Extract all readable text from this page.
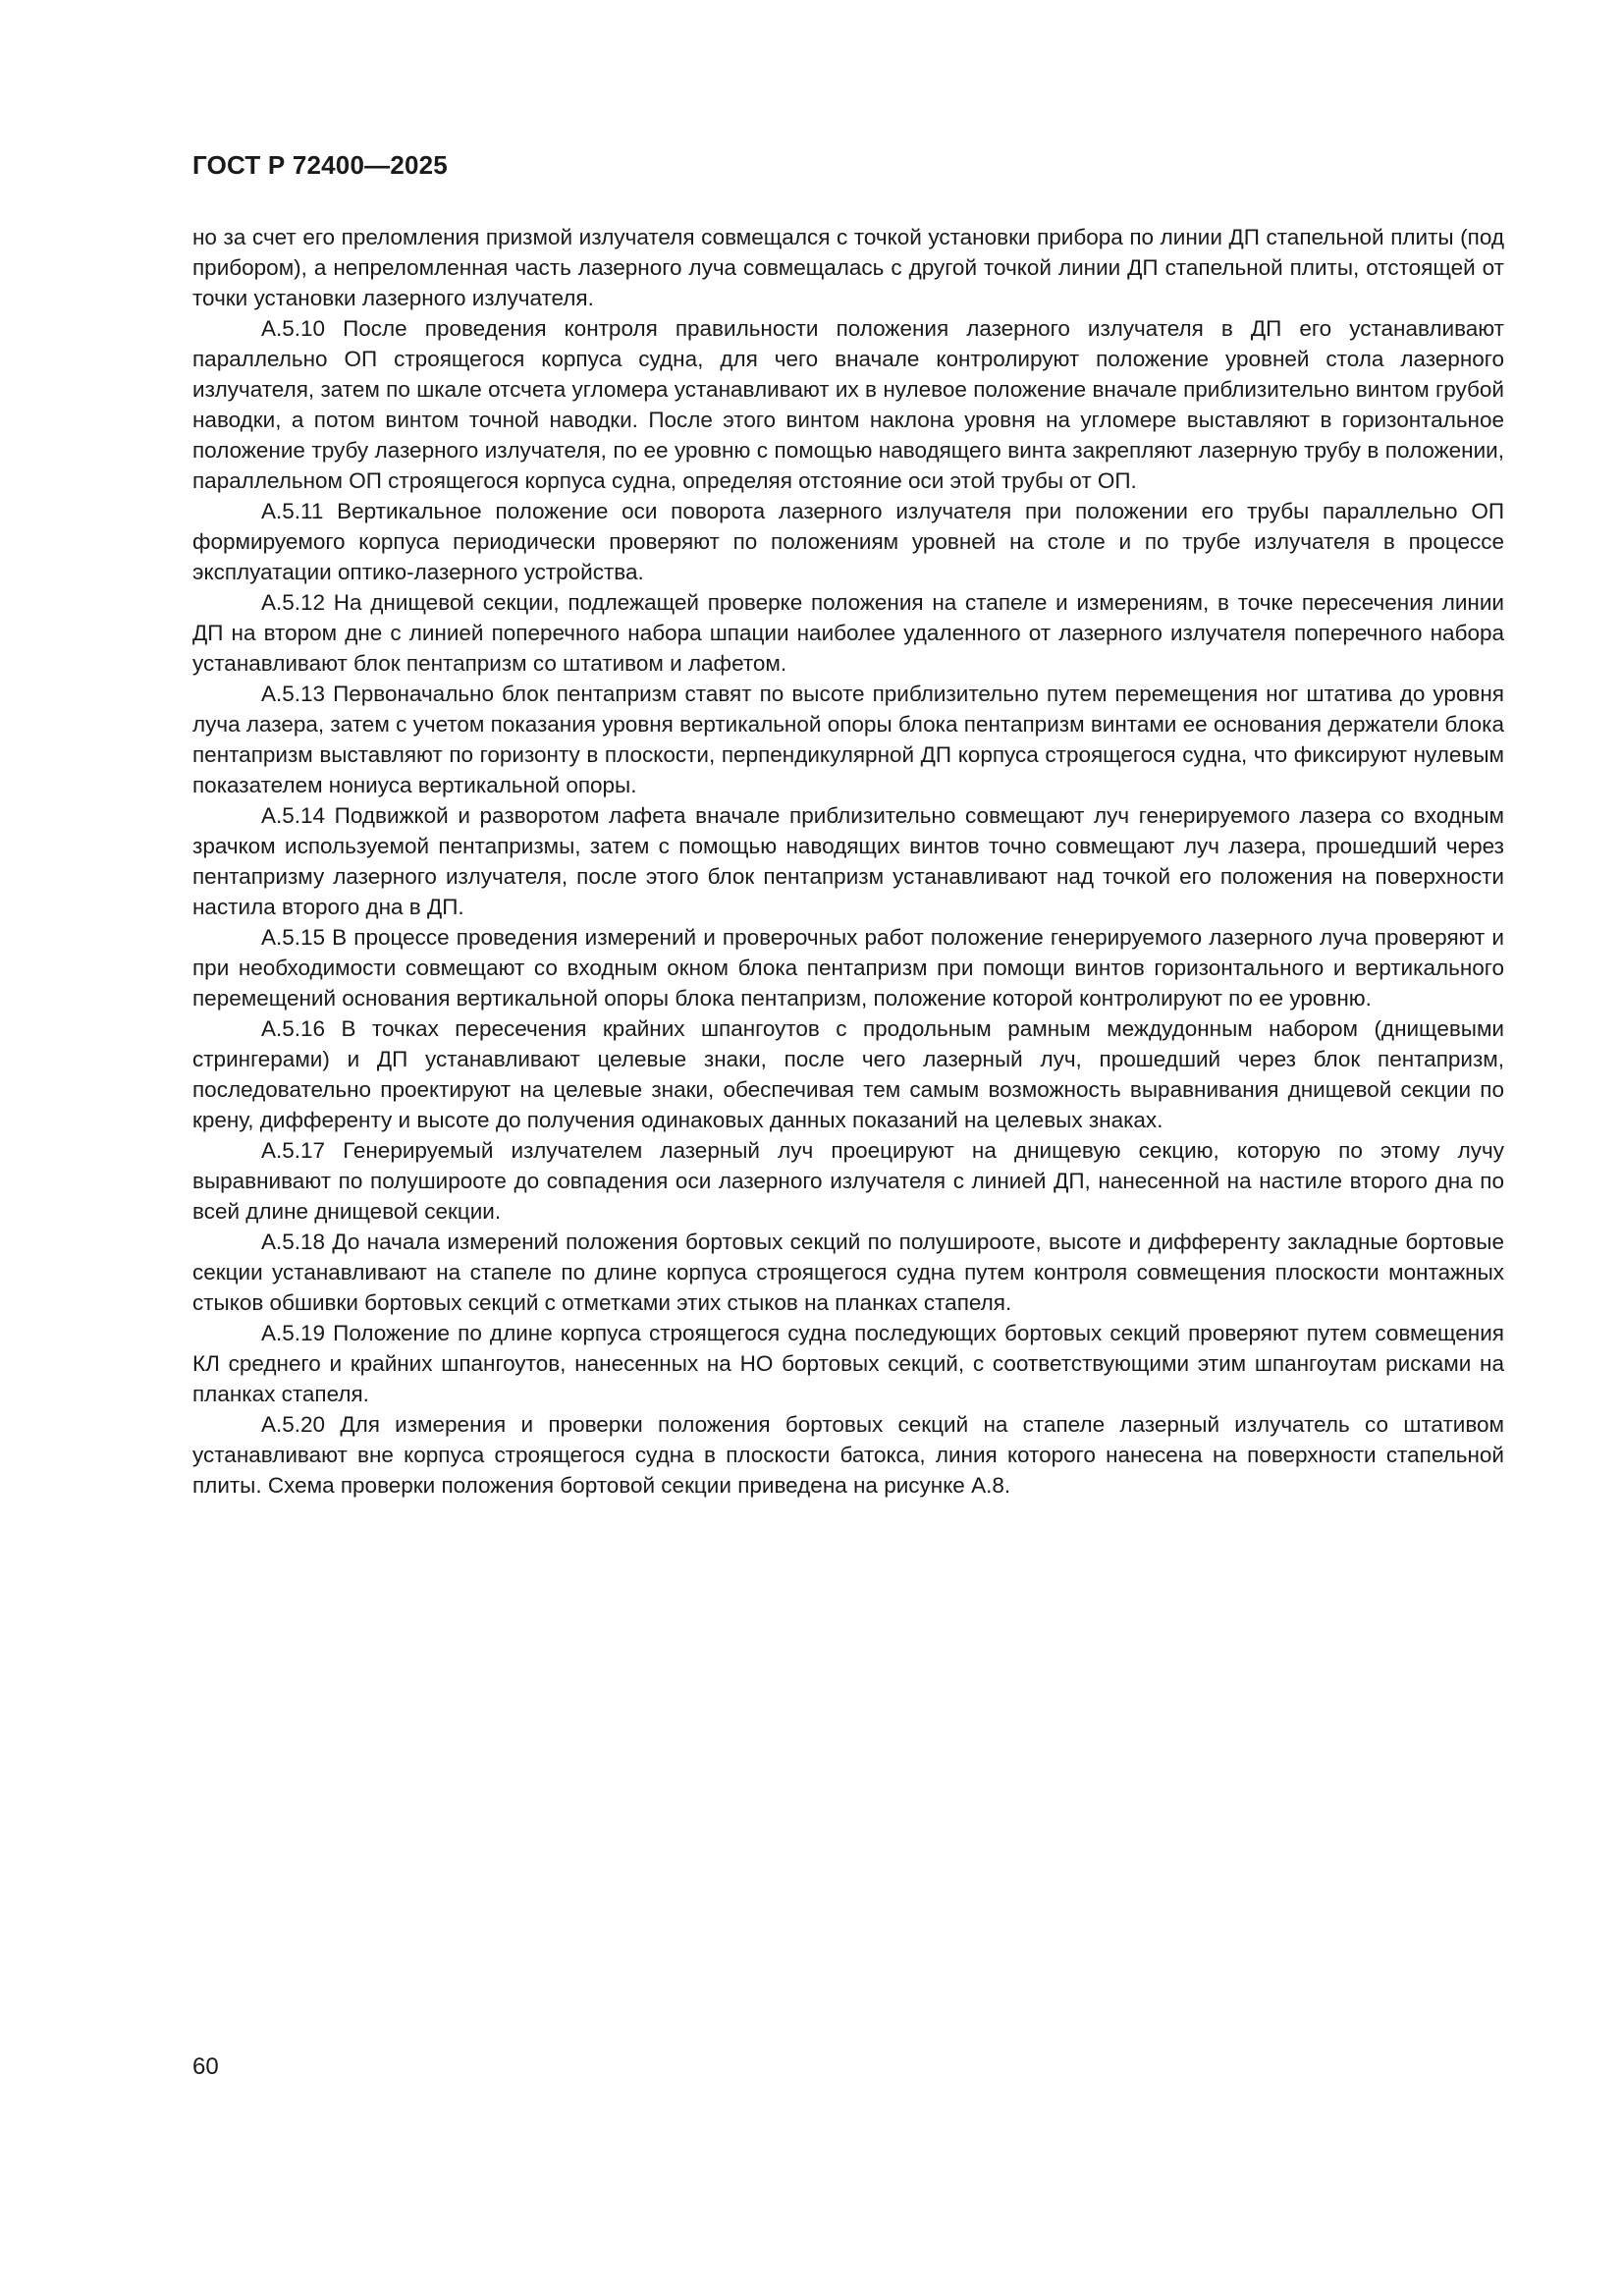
ГОСТ Р 72400—2025

но за счет его преломления призмой излучателя совмещался с точкой установки прибора по линии ДП стапельной плиты (под прибором), а непреломленная часть лазерного луча совмещалась с другой точкой линии ДП стапельной плиты, отстоящей от точки установки лазерного излучателя.

А.5.10 После проведения контроля правильности положения лазерного излучателя в ДП его устанавливают параллельно ОП строящегося корпуса судна, для чего вначале контролируют положение уровней стола лазерного излучателя, затем по шкале отсчета угломера устанавливают их в нулевое положение вначале приблизительно винтом грубой наводки, а потом винтом точной наводки. После этого винтом наклона уровня на угломере выставляют в горизонтальное положение трубу лазерного излучателя, по ее уровню с помощью наводящего винта закрепляют лазерную трубу в положении, параллельном ОП строящегося корпуса судна, определяя отстояние оси этой трубы от ОП.

А.5.11 Вертикальное положение оси поворота лазерного излучателя при положении его трубы параллельно ОП формируемого корпуса периодически проверяют по положениям уровней на столе и по трубе излучателя в процессе эксплуатации оптико-лазерного устройства.

А.5.12 На днищевой секции, подлежащей проверке положения на стапеле и измерениям, в точке пересечения линии ДП на втором дне с линией поперечного набора шпации наиболее удаленного от лазерного излучателя поперечного набора устанавливают блок пентапризм со штативом и лафетом.

А.5.13 Первоначально блок пентапризм ставят по высоте приблизительно путем перемещения ног штатива до уровня луча лазера, затем с учетом показания уровня вертикальной опоры блока пентапризм винтами ее основания держатели блока пентапризм выставляют по горизонту в плоскости, перпендикулярной ДП корпуса строящегося судна, что фиксируют нулевым показателем нониуса вертикальной опоры.

А.5.14 Подвижкой и разворотом лафета вначале приблизительно совмещают луч генерируемого лазера со входным зрачком используемой пентапризмы, затем с помощью наводящих винтов точно совмещают луч лазера, прошедший через пентапризму лазерного излучателя, после этого блок пентапризм устанавливают над точкой его положения на поверхности настила второго дна в ДП.

А.5.15 В процессе проведения измерений и проверочных работ положение генерируемого лазерного луча проверяют и при необходимости совмещают со входным окном блока пентапризм при помощи винтов горизонтального и вертикального перемещений основания вертикальной опоры блока пентапризм, положение которой контролируют по ее уровню.

А.5.16 В точках пересечения крайних шпангоутов с продольным рамным междудонным набором (днищевыми стрингерами) и ДП устанавливают целевые знаки, после чего лазерный луч, прошедший через блок пентапризм, последовательно проектируют на целевые знаки, обеспечивая тем самым возможность выравнивания днищевой секции по крену, дифференту и высоте до получения одинаковых данных показаний на целевых знаках.

А.5.17 Генерируемый излучателем лазерный луч проецируют на днищевую секцию, которую по этому лучу выравнивают по полуширооте до совпадения оси лазерного излучателя с линией ДП, нанесенной на настиле второго дна по всей длине днищевой секции.

А.5.18 До начала измерений положения бортовых секций по полуширооте, высоте и дифференту закладные бортовые секции устанавливают на стапеле по длине корпуса строящегося судна путем контроля совмещения плоскости монтажных стыков обшивки бортовых секций с отметками этих стыков на планках стапеля.

А.5.19 Положение по длине корпуса строящегося судна последующих бортовых секций проверяют путем совмещения КЛ среднего и крайних шпангоутов, нанесенных на НО бортовых секций, с соответствующими этим шпангоутам рисками на планках стапеля.

А.5.20 Для измерения и проверки положения бортовых секций на стапеле лазерный излучатель со штативом устанавливают вне корпуса строящегося судна в плоскости батокса, линия которого нанесена на поверхности стапельной плиты. Схема проверки положения бортовой секции приведена на рисунке А.8.

60
